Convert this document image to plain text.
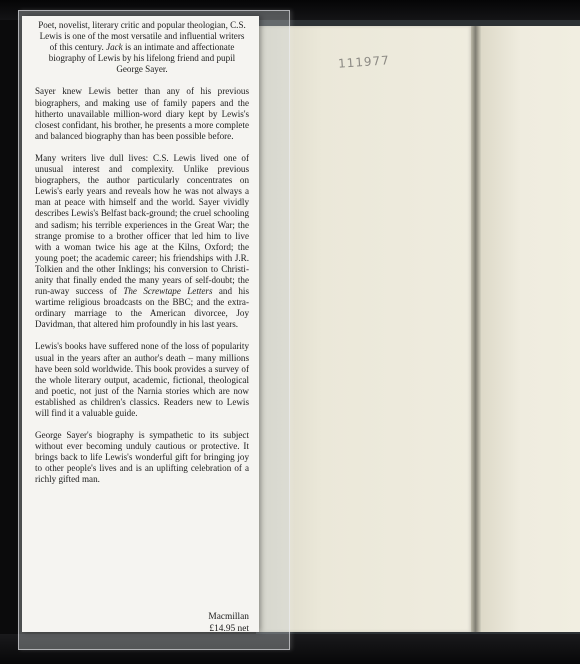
111977

Poet, novelist, literary critic and popular theologian, C.S. Lewis is one of the most versatile and influential writers of this century. Jack is an intimate and affectionate biography of Lewis by his lifelong friend and pupil George Sayer.

Sayer knew Lewis better than any of his previous biographers, and making use of family papers and the hitherto unavailable million-word diary kept by Lewis's closest confidant, his brother, he presents a more complete and balanced biography than has been possible before.

Many writers live dull lives: C.S. Lewis lived one of unusual interest and complexity. Unlike previous biographers, the author particularly concentrates on Lewis's early years and reveals how he was not always a man at peace with himself and the world. Sayer vividly describes Lewis's Belfast back-ground; the cruel schooling and sadism; his terrible experiences in the Great War; the strange promise to a brother officer that led him to live with a woman twice his age at the Kilns, Oxford; the young poet; the academic career; his friendships with J.R. Tolkien and the other Inklings; his conversion to Christi-anity that finally ended the many years of self-doubt; the run-away success of The Screwtape Letters and his wartime religious broadcasts on the BBC; and the extra-ordinary marriage to the American divorcee, Joy Davidman, that altered him profoundly in his last years.

Lewis's books have suffered none of the loss of popularity usual in the years after an author's death – many millions have been sold worldwide. This book provides a survey of the whole literary output, academic, fictional, theological and poetic, not just of the Narnia stories which are now established as children's classics. Readers new to Lewis will find it a valuable guide.

George Sayer's biography is sympathetic to its subject without ever becoming unduly cautious or protective. It brings back to life Lewis's wonderful gift for bringing joy to other people's lives and is an uplifting celebration of a richly gifted man.

Macmillan
£14.95 net
